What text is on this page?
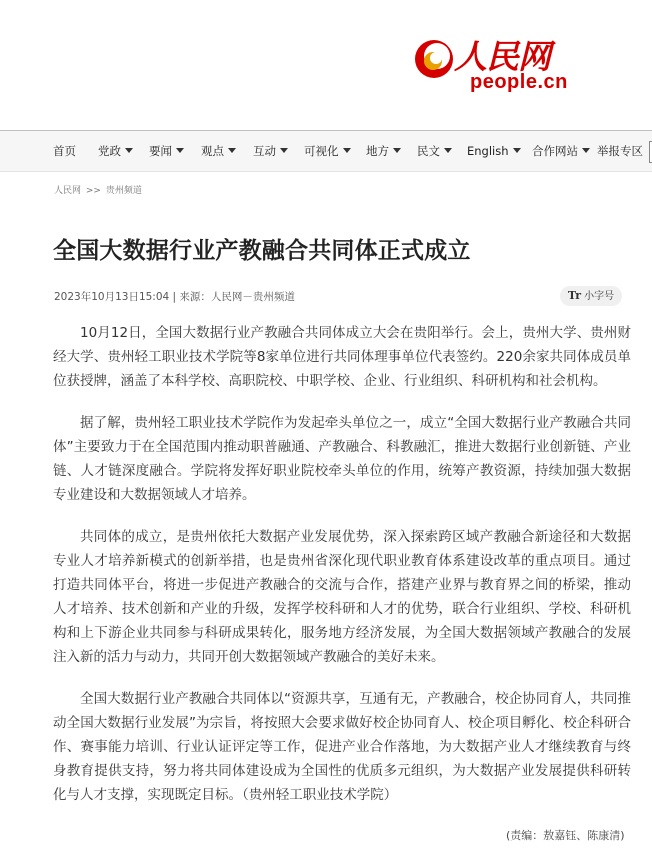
人民网
people.cn
首页 党政	要闻	观点	互动	可视化	地方	民文	English	合作网站	举报专区
人民网 >> 贵州频道
全国大数据行业产教融合共同体正式成立
2023年10月13日15:04 | 来源：人民网－贵州频道	Tr 小字号

10月12日，全国大数据行业产教融合共同体成立大会在贵阳举行。会上，贵州大学、贵州财经大学、贵州轻工职业技术学院等8家单位进行共同体理事单位代表签约。220余家共同体成员单位获授牌，涵盖了本科学校、高职院校、中职学校、企业、行业组织、科研机构和社会机构。

据了解，贵州轻工职业技术学院作为发起牵头单位之一，成立“全国大数据行业产教融合共同体”主要致力于在全国范围内推动职普融通、产教融合、科教融汇，推进大数据行业创新链、产业链、人才链深度融合。学院将发挥好职业院校牵头单位的作用，统筹产教资源，持续加强大数据专业建设和大数据领域人才培养。

共同体的成立，是贵州依托大数据产业发展优势，深入探索跨区域产教融合新途径和大数据专业人才培养新模式的创新举措，也是贵州省深化现代职业教育体系建设改革的重点项目。通过打造共同体平台，将进一步促进产教融合的交流与合作，搭建产业界与教育界之间的桥梁，推动人才培养、技术创新和产业的升级，发挥学校科研和人才的优势，联合行业组织、学校、科研机构和上下游企业共同参与科研成果转化，服务地方经济发展，为全国大数据领域产教融合的发展注入新的活力与动力，共同开创大数据领域产教融合的美好未来。

全国大数据行业产教融合共同体以“资源共享，互通有无，产教融合，校企协同育人，共同推动全国大数据行业发展”为宗旨，将按照大会要求做好校企协同育人、校企项目孵化、校企科研合作、赛事能力培训、行业认证评定等工作，促进产业合作落地，为大数据产业人才继续教育与终身教育提供支持，努力将共同体建设成为全国性的优质多元组织，为大数据产业发展提供科研转化与人才支撑，实现既定目标。（贵州轻工职业技术学院）

(责编：敖嘉钰、陈康清)
